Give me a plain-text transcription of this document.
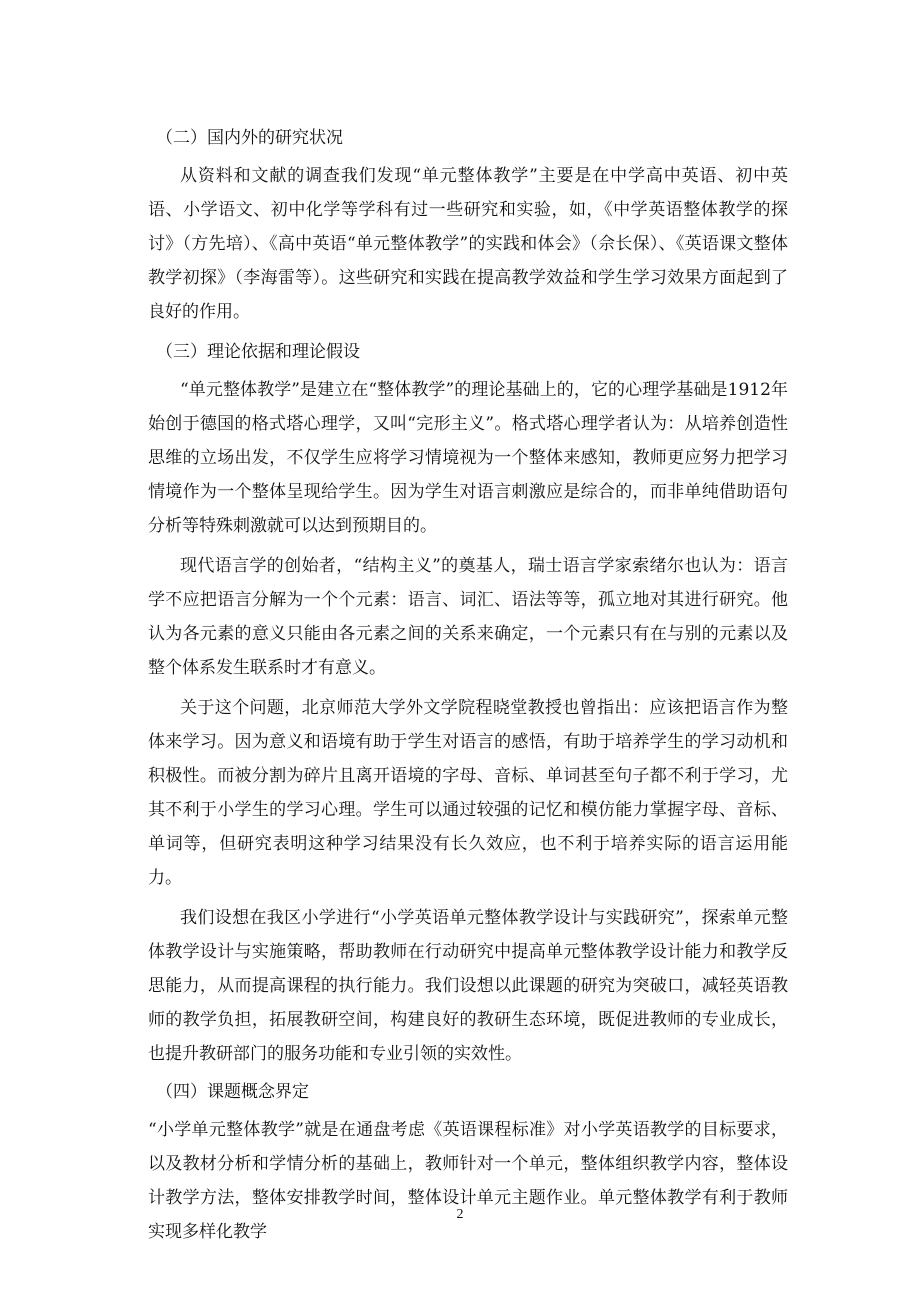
（二）国内外的研究状况

从资料和文献的调查我们发现“单元整体教学”主要是在中学高中英语、初中英语、小学语文、初中化学等学科有过一些研究和实验，如，《中学英语整体教学的探讨》（方先培）、《高中英语“单元整体教学”的实践和体会》（佘长保）、《英语课文整体教学初探》（李海雷等）。这些研究和实践在提高教学效益和学生学习效果方面起到了良好的作用。

（三）理论依据和理论假设

“单元整体教学”是建立在“整体教学”的理论基础上的，它的心理学基础是1912年始创于德国的格式塔心理学，又叫“完形主义”。格式塔心理学者认为：从培养创造性思维的立场出发，不仅学生应将学习情境视为一个整体来感知，教师更应努力把学习情境作为一个整体呈现给学生。因为学生对语言刺激应是综合的，而非单纯借助语句分析等特殊刺激就可以达到预期目的。

现代语言学的创始者，“结构主义”的奠基人，瑞士语言学家索绪尔也认为：语言学不应把语言分解为一个个元素：语言、词汇、语法等等，孤立地对其进行研究。他认为各元素的意义只能由各元素之间的关系来确定，一个元素只有在与别的元素以及整个体系发生联系时才有意义。

关于这个问题，北京师范大学外文学院程晓堂教授也曾指出：应该把语言作为整体来学习。因为意义和语境有助于学生对语言的感悟，有助于培养学生的学习动机和积极性。而被分割为碎片且离开语境的字母、音标、单词甚至句子都不利于学习，尤其不利于小学生的学习心理。学生可以通过较强的记忆和模仿能力掌握字母、音标、单词等，但研究表明这种学习结果没有长久效应，也不利于培养实际的语言运用能力。

我们设想在我区小学进行“小学英语单元整体教学设计与实践研究”，探索单元整体教学设计与实施策略，帮助教师在行动研究中提高单元整体教学设计能力和教学反思能力，从而提高课程的执行能力。我们设想以此课题的研究为突破口，减轻英语教师的教学负担，拓展教研空间，构建良好的教研生态环境，既促进教师的专业成长，也提升教研部门的服务功能和专业引领的实效性。

（四）课题概念界定

“小学单元整体教学”就是在通盘考虑《英语课程标准》对小学英语教学的目标要求，以及教材分析和学情分析的基础上，教师针对一个单元，整体组织教学内容，整体设计教学方法，整体安排教学时间，整体设计单元主题作业。单元整体教学有利于教师实现多样化教学

2
